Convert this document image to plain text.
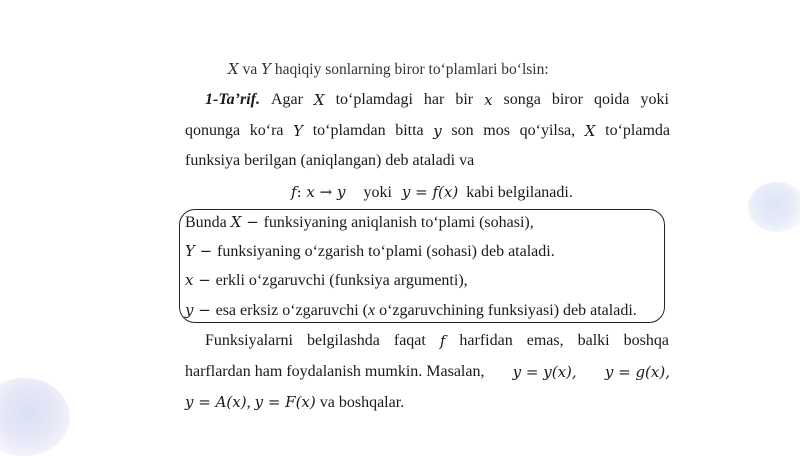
X va Y haqiqiy sonlarning biror to‘plamlari bo‘lsin:
1-Ta’rif. Agar X to‘plamdagi har bir x songa biror qoida yoki
qonunga ko‘ra Y to‘plamdan bitta y son mos qo‘yilsa, X to‘plamda
funksiya berilgan (aniqlangan) deb ataladi va
f: x → y yoki y = f(x) kabi belgilanadi.
Bunda X − funksiyaning aniqlanish to‘plami (sohasi),
Y − funksiyaning o‘zgarish to‘plami (sohasi) deb ataladi.
x − erkli o‘zgaruvchi (funksiya argumenti),
y − esa erksiz o‘zgaruvchi (x o‘zgaruvchining funksiyasi) deb ataladi.
Funksiyalarni belgilashda faqat f harfidan emas, balki boshqa
harflardan ham foydalanish mumkin. Masalan, y = y(x), y = g(x),
y = A(x), y = F(x) va boshqalar.
